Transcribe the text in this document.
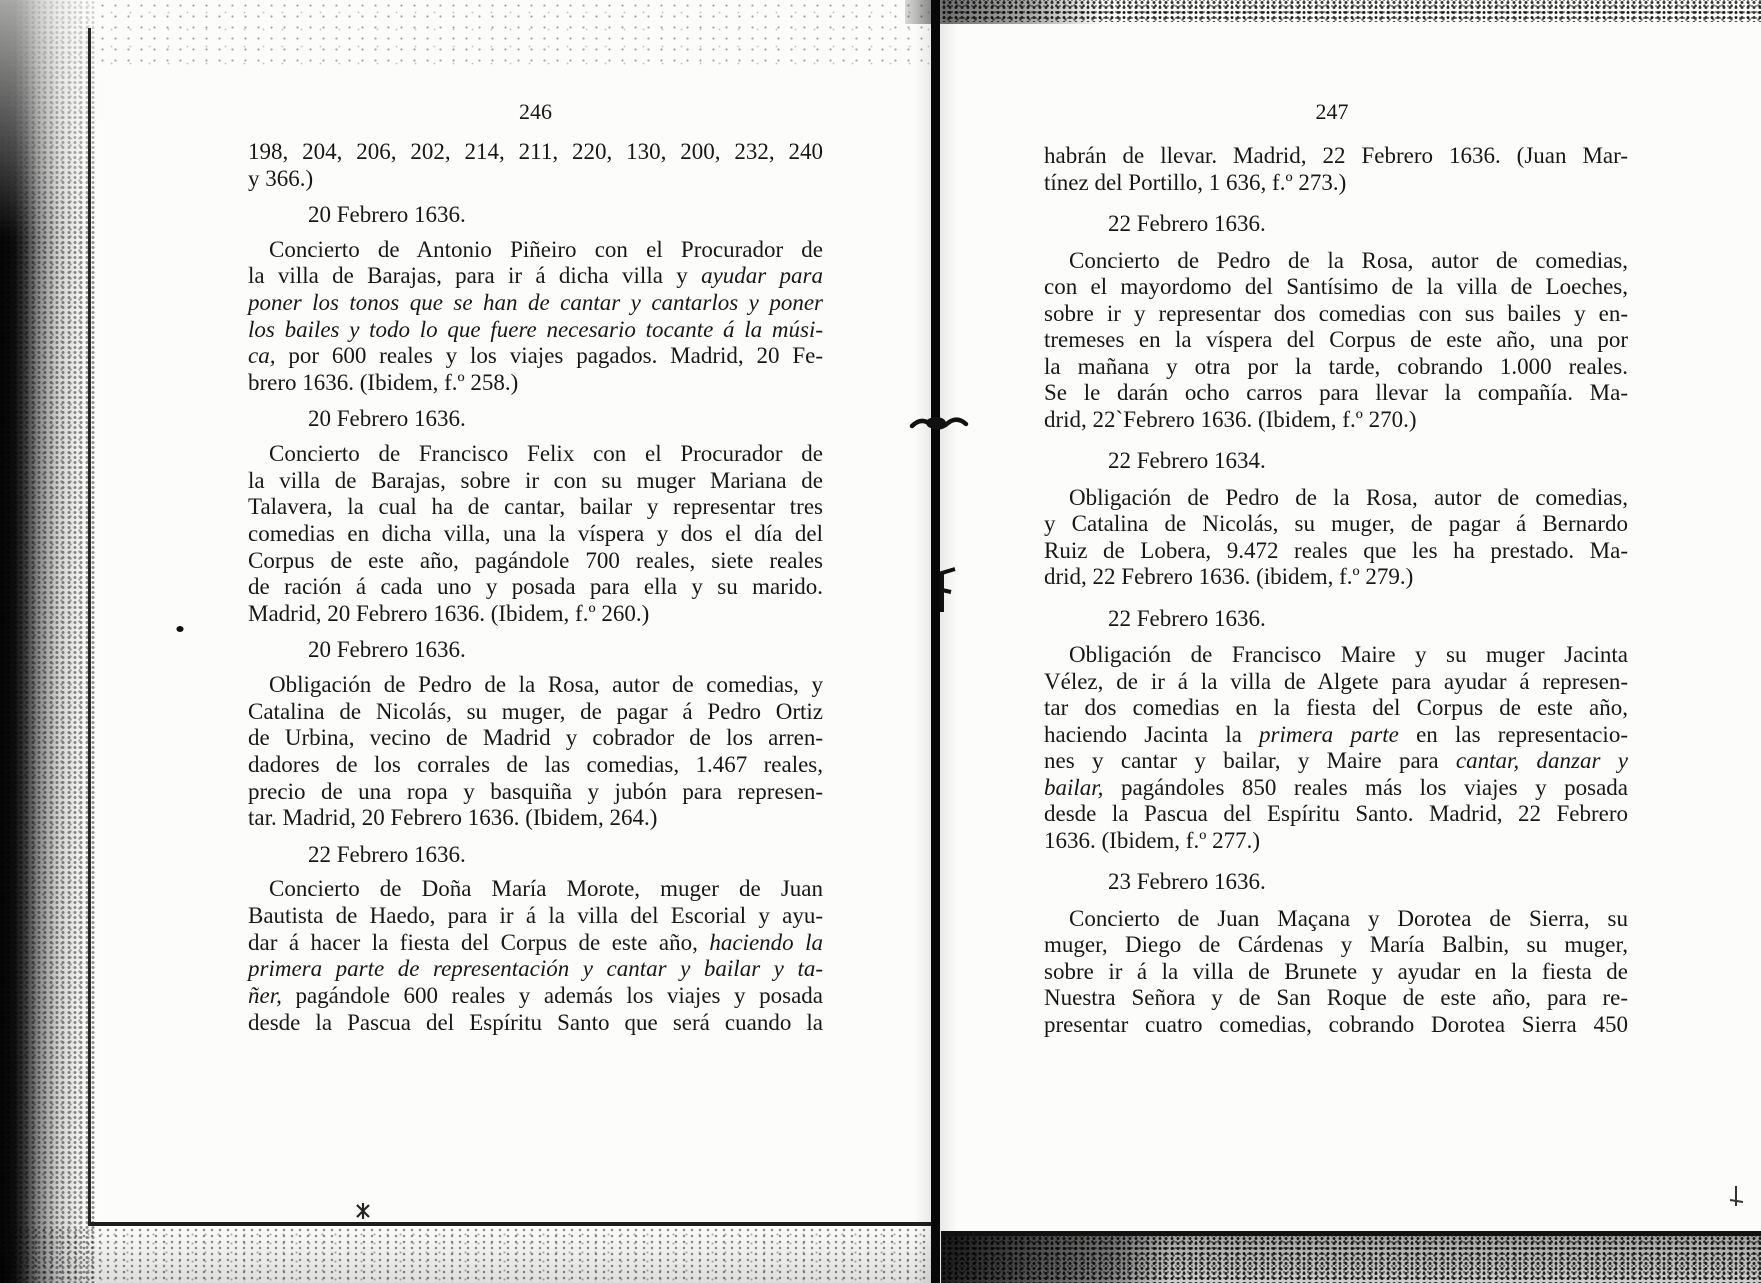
246
198, 204, 206, 202, 214, 211, 220, 130, 200, 232, 240
y 366.)
20 Febrero 1636.
Concierto de Antonio Piñeiro con el Procurador de
la villa de Barajas, para ir á dicha villa y ayudar para
poner los tonos que se han de cantar y cantarlos y poner
los bailes y todo lo que fuere necesario tocante á la músi-
ca, por 600 reales y los viajes pagados. Madrid, 20 Fe-
brero 1636. (Ibidem, f.º 258.)
20 Febrero 1636.
Concierto de Francisco Felix con el Procurador de
la villa de Barajas, sobre ir con su muger Mariana de
Talavera, la cual ha de cantar, bailar y representar tres
comedias en dicha villa, una la víspera y dos el día del
Corpus de este año, pagándole 700 reales, siete reales
de ración á cada uno y posada para ella y su marido.
Madrid, 20 Febrero 1636. (Ibidem, f.º 260.)
20 Febrero 1636.
Obligación de Pedro de la Rosa, autor de comedias, y
Catalina de Nicolás, su muger, de pagar á Pedro Ortiz
de Urbina, vecino de Madrid y cobrador de los arren-
dadores de los corrales de las comedias, 1.467 reales,
precio de una ropa y basquiña y jubón para represen-
tar. Madrid, 20 Febrero 1636. (Ibidem, 264.)
22 Febrero 1636.
Concierto de Doña María Morote, muger de Juan
Bautista de Haedo, para ir á la villa del Escorial y ayu-
dar á hacer la fiesta del Corpus de este año, haciendo la
primera parte de representación y cantar y bailar y ta-
ñer, pagándole 600 reales y además los viajes y posada
desde la Pascua del Espíritu Santo que será cuando la
247
habrán de llevar. Madrid, 22 Febrero 1636. (Juan Mar-
tínez del Portillo, 1 636, f.º 273.)
22 Febrero 1636.
Concierto de Pedro de la Rosa, autor de comedias,
con el mayordomo del Santísimo de la villa de Loeches,
sobre ir y representar dos comedias con sus bailes y en-
tremeses en la víspera del Corpus de este año, una por
la mañana y otra por la tarde, cobrando 1.000 reales.
Se le darán ocho carros para llevar la compañía. Ma-
drid, 22`Febrero 1636. (Ibidem, f.º 270.)
22 Febrero 1634.
Obligación de Pedro de la Rosa, autor de comedias,
y Catalina de Nicolás, su muger, de pagar á Bernardo
Ruiz de Lobera, 9.472 reales que les ha prestado. Ma-
drid, 22 Febrero 1636. (ibidem, f.º 279.)
22 Febrero 1636.
Obligación de Francisco Maire y su muger Jacinta
Vélez, de ir á la villa de Algete para ayudar á represen-
tar dos comedias en la fiesta del Corpus de este año,
haciendo Jacinta la primera parte en las representacio-
nes y cantar y bailar, y Maire para cantar, danzar y
bailar, pagándoles 850 reales más los viajes y posada
desde la Pascua del Espíritu Santo. Madrid, 22 Febrero
1636. (Ibidem, f.º 277.)
23 Febrero 1636.
Concierto de Juan Maçana y Dorotea de Sierra, su
muger, Diego de Cárdenas y María Balbin, su muger,
sobre ir á la villa de Brunete y ayudar en la fiesta de
Nuestra Señora y de San Roque de este año, para re-
presentar cuatro comedias, cobrando Dorotea Sierra 450
